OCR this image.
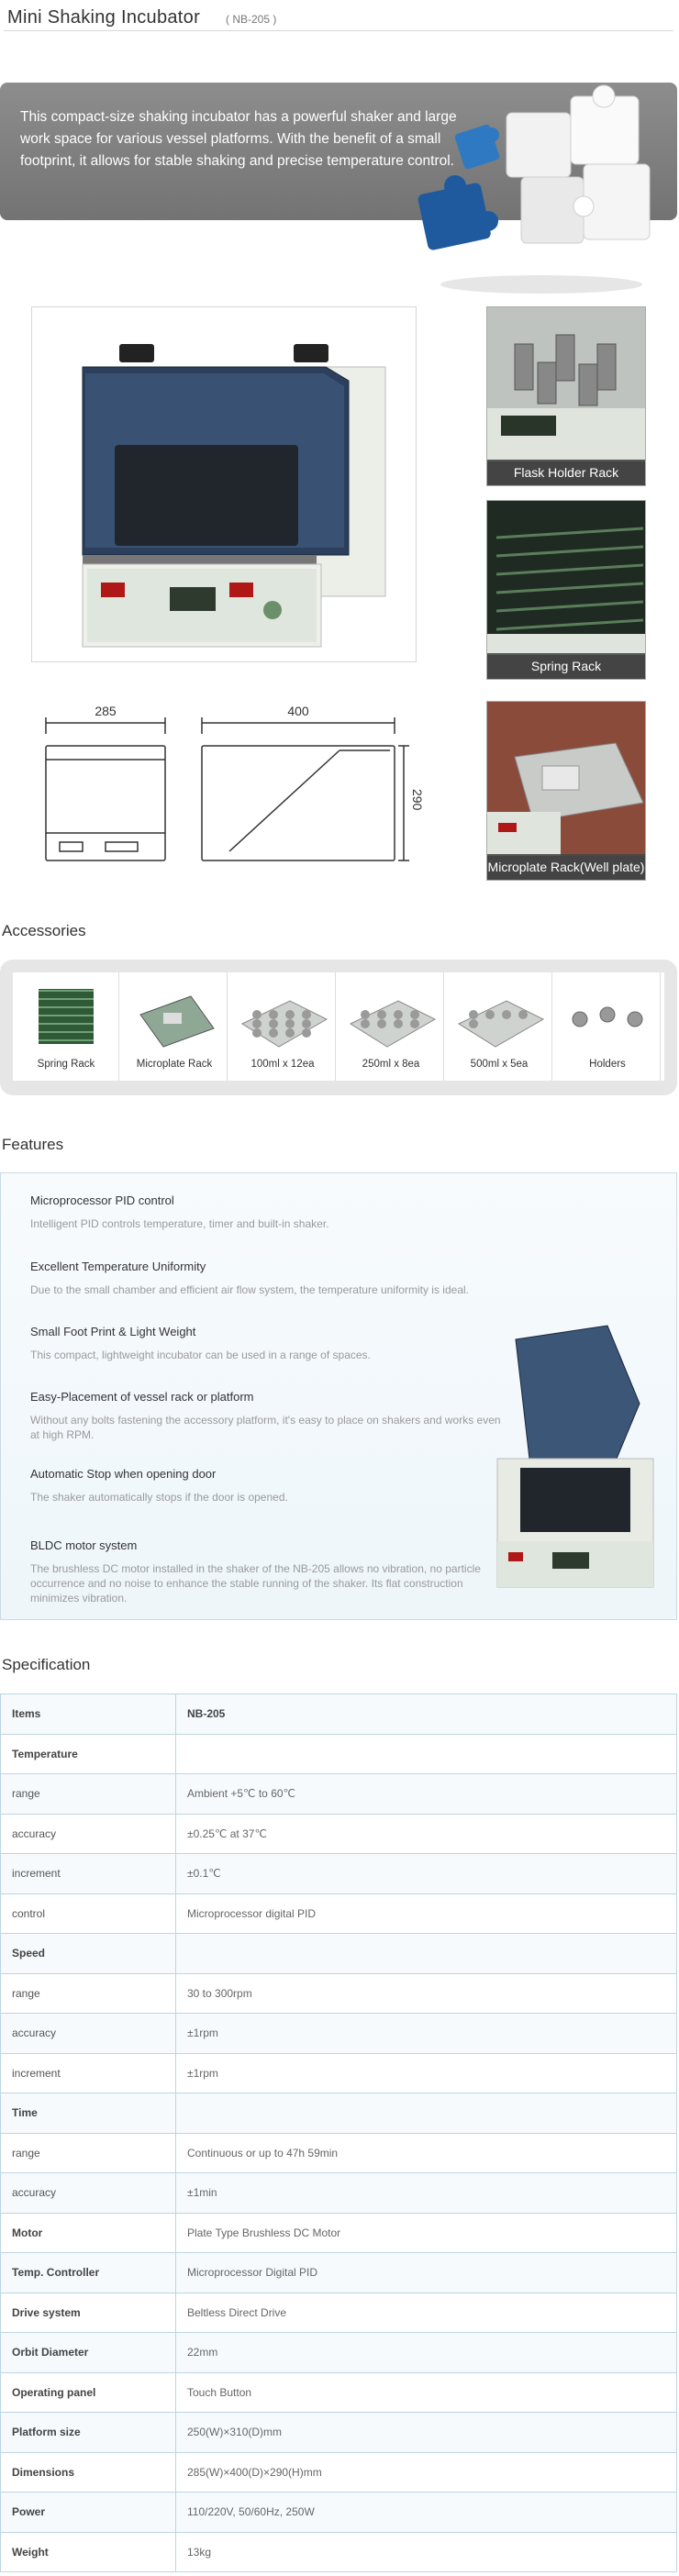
Mini Shaking Incubator ( NB-205 )
This compact-size shaking incubator has a powerful shaker and large work space for various vessel platforms. With the benefit of a small footprint, it allows for stable shaking and precise temperature control.
Flask Holder Rack
Spring Rack
Microplate Rack(Well plate)
285	400
290
Accessories
Spring Rack	Microplate Rack	100ml x 12ea	250ml x 8ea	500ml x 5ea	Holders
Features
Microprocessor PID control
Intelligent PID controls temperature, timer and built-in shaker.
Excellent Temperature Uniformity
Due to the small chamber and efficient air flow system, the temperature uniformity is ideal.
Small Foot Print & Light Weight
This compact, lightweight incubator can be used in a range of spaces.
Easy-Placement of vessel rack or platform
Without any bolts fastening the accessory platform, it's easy to place on shakers and works even at high RPM.
Automatic Stop when opening door
The shaker automatically stops if the door is opened.
BLDC motor system
The brushless DC motor installed in the shaker of the NB-205 allows no vibration, no particle occurrence and no noise to enhance the stable running of the shaker. Its flat construction minimizes vibration.
Specification
Items	NB-205
Temperature	
range	Ambient +5℃ to 60℃
accuracy	±0.25℃ at 37℃
increment	±0.1℃
control	Microprocessor digital PID
Speed	
range	30 to 300rpm
accuracy	±1rpm
increment	±1rpm
Time	
range	Continuous or up to 47h 59min
accuracy	±1min
Motor	Plate Type Brushless DC Motor
Temp. Controller	Microprocessor Digital PID
Drive system	Beltless Direct Drive
Orbit Diameter	22mm
Operating panel	Touch Button
Platform size	250(W)×310(D)mm
Dimensions	285(W)×400(D)×290(H)mm
Power	110/220V, 50/60Hz, 250W
Weight	13kg
